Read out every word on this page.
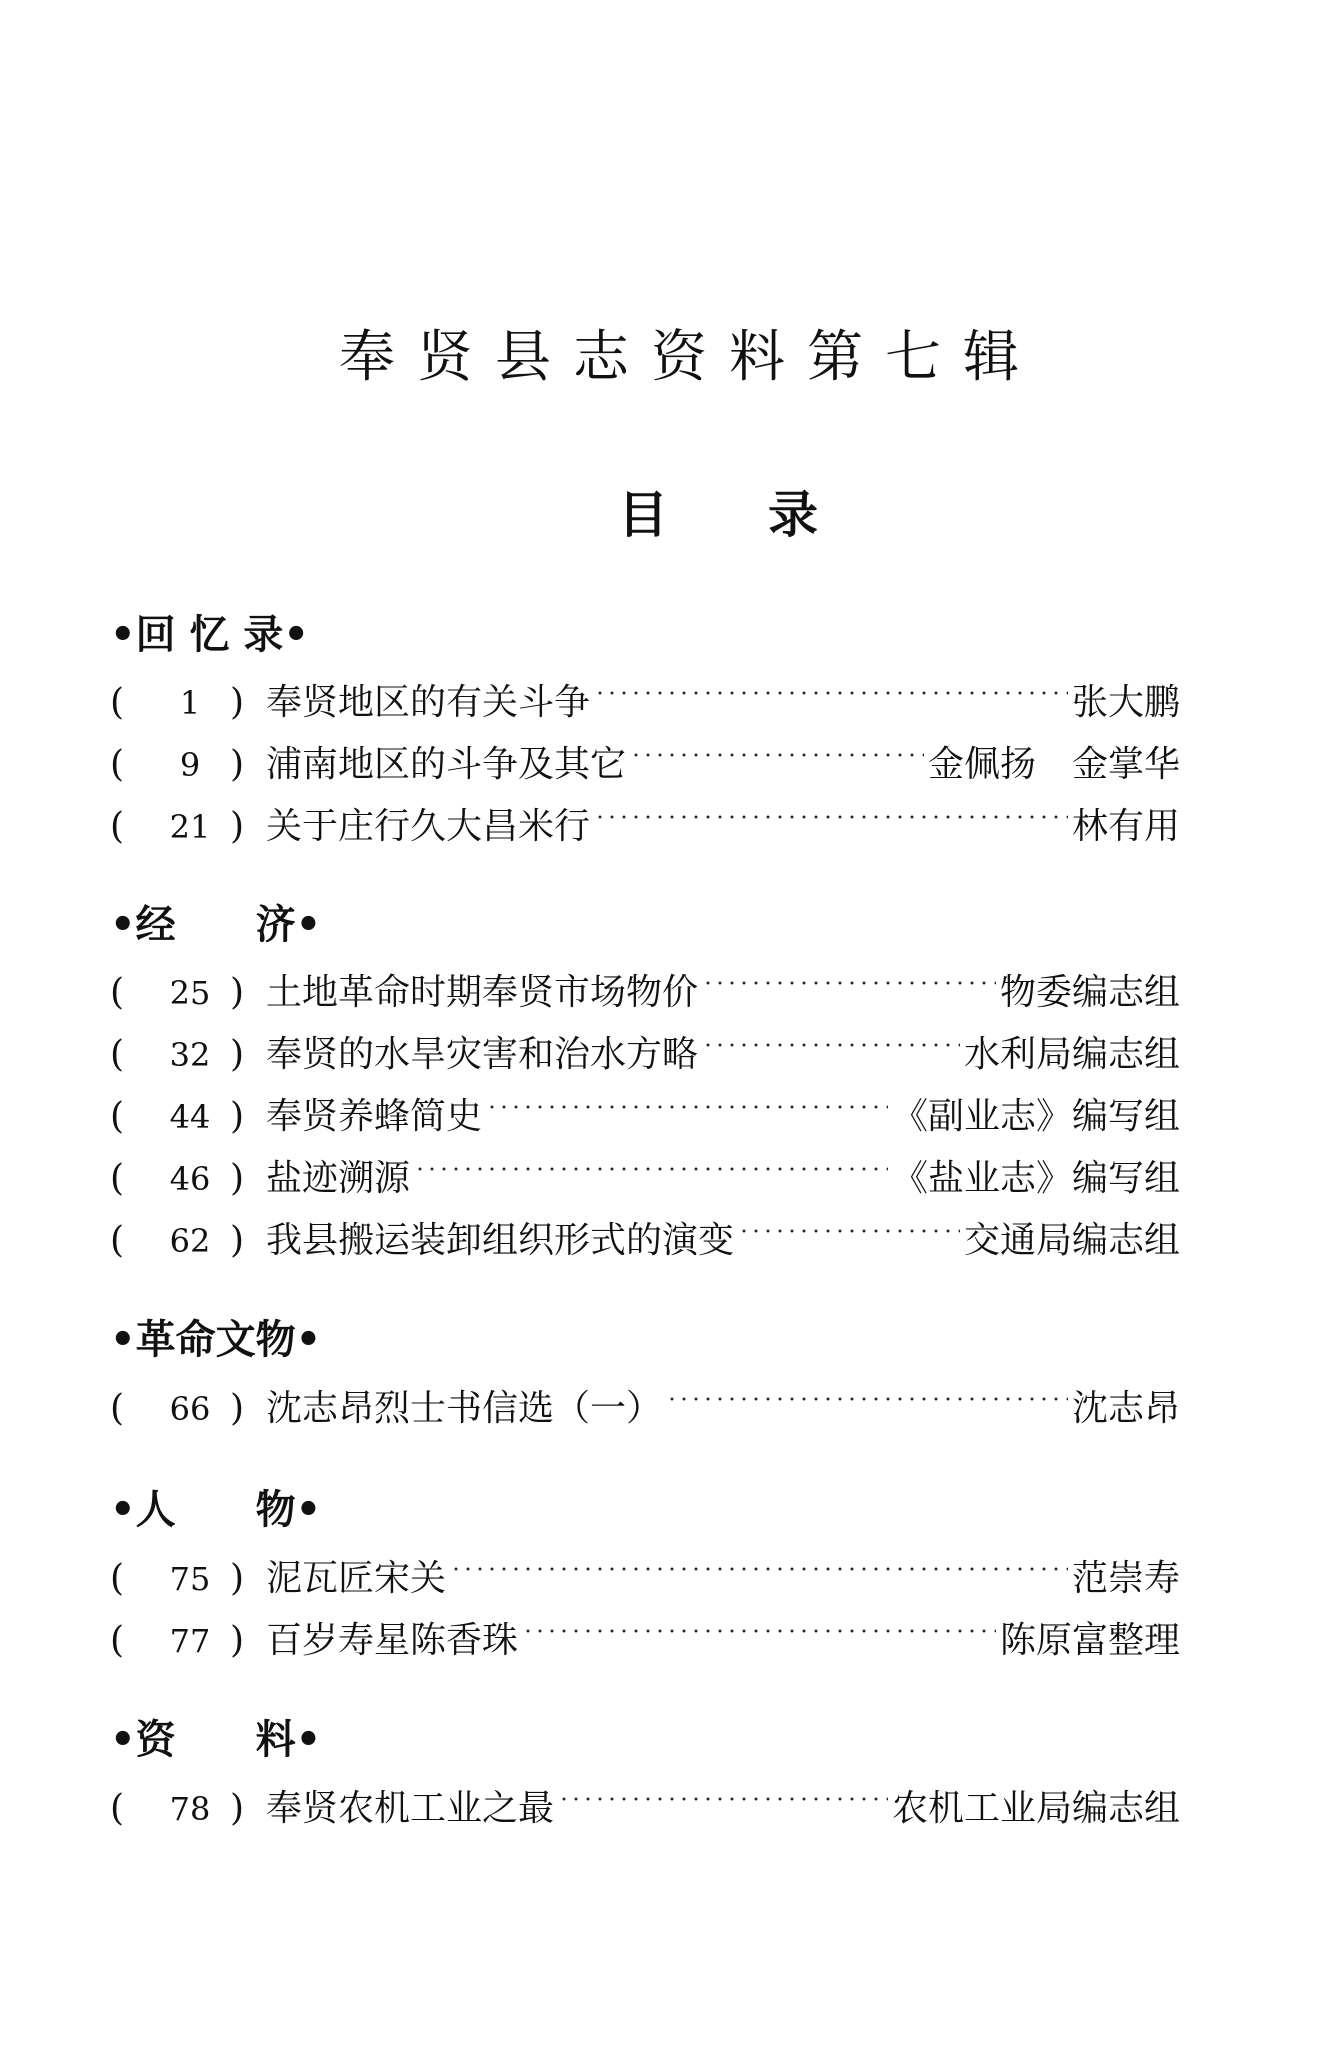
奉贤县志资料第七辑
目录
•回 忆 录•
(	1 ) 奉贤地区的有关斗争	张大鹏
(	9 ) 浦南地区的斗争及其它	金佩扬　金掌华
(	21 ) 关于庄行久大昌米行	林有用
•经　　济•
(	25 ) 土地革命时期奉贤市场物价	物委编志组
(	32 ) 奉贤的水旱灾害和治水方略	水利局编志组
(	44 ) 奉贤养蜂简史	《副业志》编写组
(	46 ) 盐迹溯源	《盐业志》编写组
(	62 ) 我县搬运装卸组织形式的演变	交通局编志组
•革命文物•
(	66 ) 沈志昂烈士书信选（一）	沈志昂
•人　　物•
(	75 ) 泥瓦匠宋关	范崇寿
(	77 ) 百岁寿星陈香珠	陈原富整理
•资　　料•
(	78 ) 奉贤农机工业之最	农机工业局编志组
